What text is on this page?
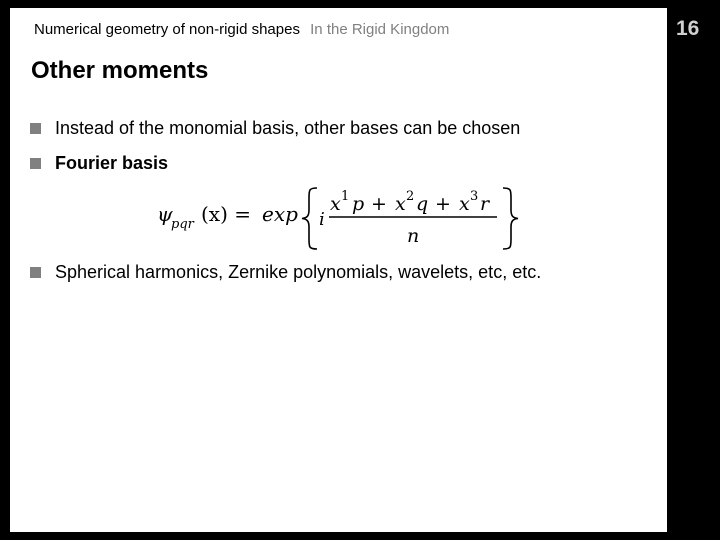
Numerical geometry of non-rigid shapes In the Rigid Kingdom
Other moments
Instead of the monomial basis, other bases can be chosen
Fourier basis
ψ
pqr (x) = exp i
x 1 p + x 2 q + x 3 r
n
Spherical harmonics, Zernike polynomials, wavelets, etc, etc.
16
